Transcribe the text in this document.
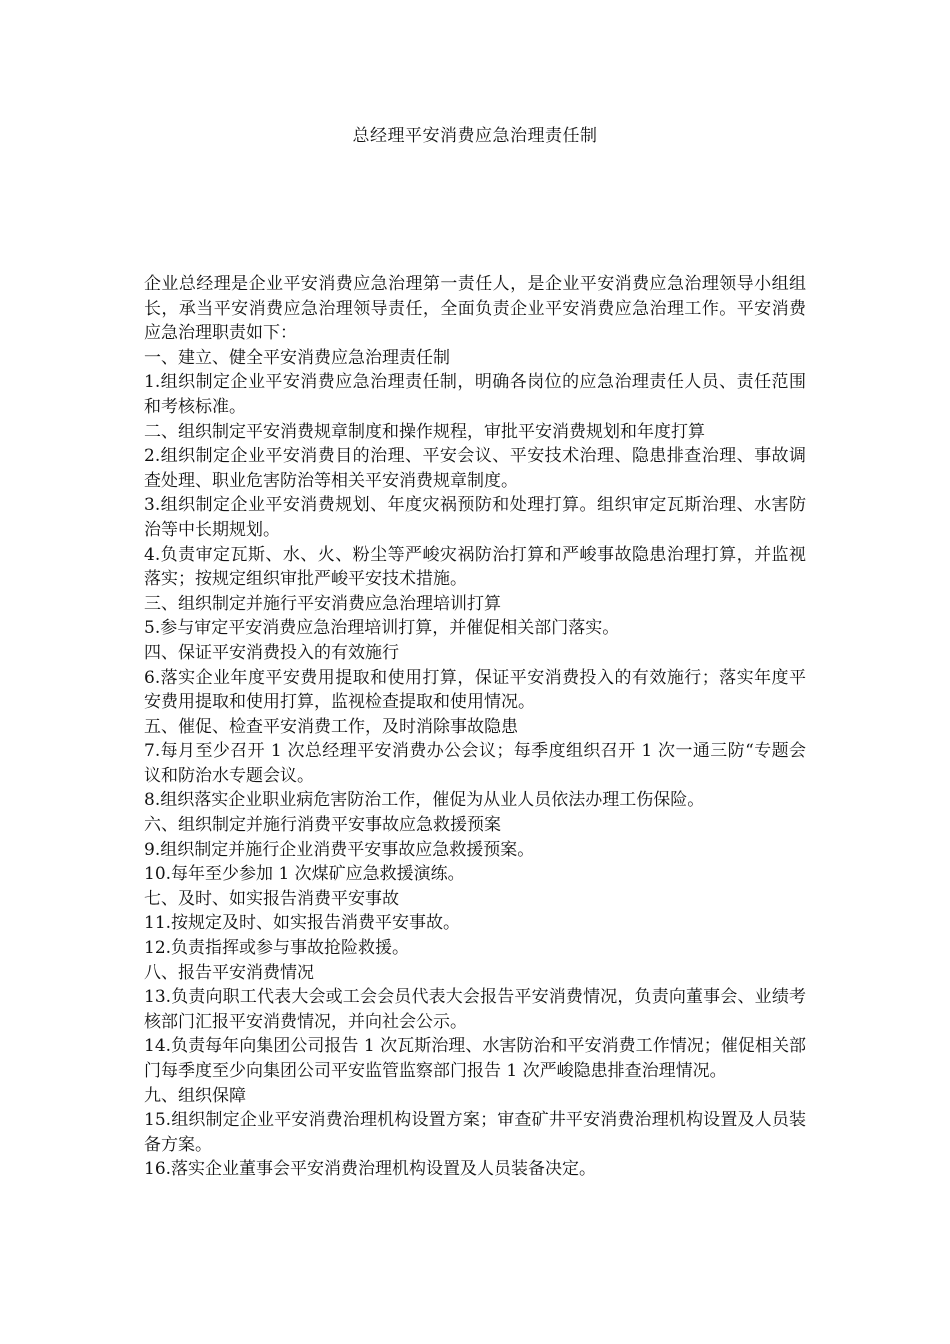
总经理平安消费应急治理责任制

企业总经理是企业平安消费应急治理第一责任人，是企业平安消费应急治理领导小组组长，承当平安消费应急治理领导责任，全面负责企业平安消费应急治理工作。平安消费应急治理职责如下：

一、建立、健全平安消费应急治理责任制

1.组织制定企业平安消费应急治理责任制，明确各岗位的应急治理责任人员、责任范围和考核标准。

二、组织制定平安消费规章制度和操作规程，审批平安消费规划和年度打算

2.组织制定企业平安消费目的治理、平安会议、平安技术治理、隐患排查治理、事故调查处理、职业危害防治等相关平安消费规章制度。

3.组织制定企业平安消费规划、年度灾祸预防和处理打算。组织审定瓦斯治理、水害防治等中长期规划。

4.负责审定瓦斯、水、火、粉尘等严峻灾祸防治打算和严峻事故隐患治理打算，并监视落实；按规定组织审批严峻平安技术措施。

三、组织制定并施行平安消费应急治理培训打算

5.参与审定平安消费应急治理培训打算，并催促相关部门落实。

四、保证平安消费投入的有效施行

6.落实企业年度平安费用提取和使用打算，保证平安消费投入的有效施行；落实年度平安费用提取和使用打算，监视检查提取和使用情况。

五、催促、检查平安消费工作，及时消除事故隐患

7.每月至少召开 1 次总经理平安消费办公会议；每季度组织召开 1 次一通三防“专题会议和防治水专题会议。

8.组织落实企业职业病危害防治工作，催促为从业人员依法办理工伤保险。

六、组织制定并施行消费平安事故应急救援预案

9.组织制定并施行企业消费平安事故应急救援预案。

10.每年至少参加 1 次煤矿应急救援演练。

七、及时、如实报告消费平安事故

11.按规定及时、如实报告消费平安事故。

12.负责指挥或参与事故抢险救援。

八、报告平安消费情况

13.负责向职工代表大会或工会会员代表大会报告平安消费情况，负责向董事会、业绩考核部门汇报平安消费情况，并向社会公示。

14.负责每年向集团公司报告 1 次瓦斯治理、水害防治和平安消费工作情况；催促相关部门每季度至少向集团公司平安监管监察部门报告 1 次严峻隐患排查治理情况。

九、组织保障

15.组织制定企业平安消费治理机构设置方案；审查矿井平安消费治理机构设置及人员装备方案。

16.落实企业董事会平安消费治理机构设置及人员装备决定。
